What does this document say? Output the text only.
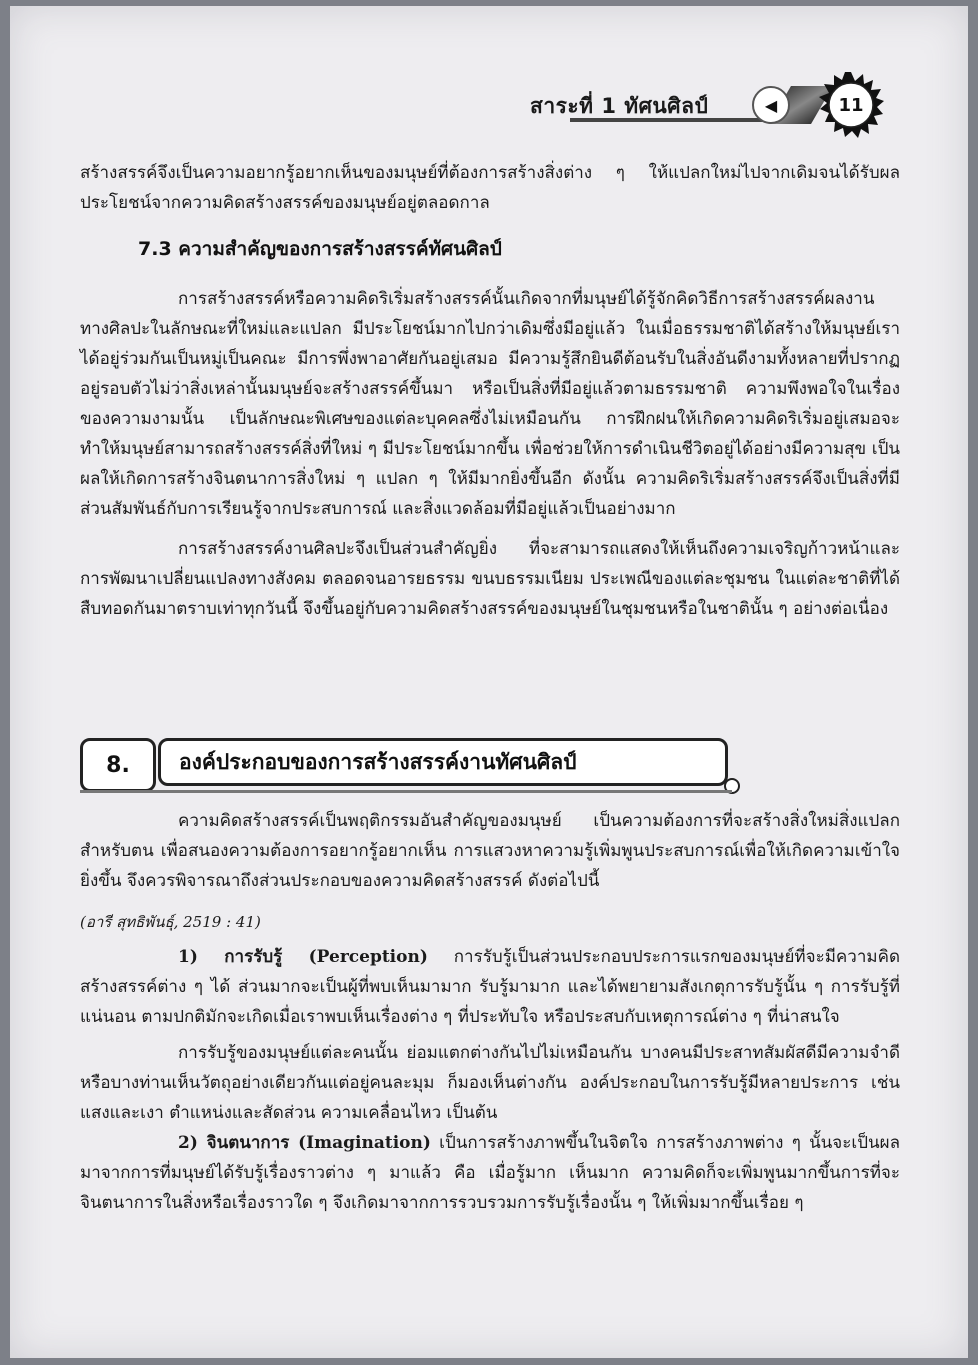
สาระที่ 1 ทัศนศิลป์	◀	11

สร้างสรรค์จึงเป็นความอยากรู้อยากเห็นของมนุษย์ที่ต้องการสร้างสิ่งต่าง ๆ ให้แปลกใหม่ไปจากเดิมจนได้รับผลประโยชน์จากความคิดสร้างสรรค์ของมนุษย์อยู่ตลอดกาล

7.3 ความสำคัญของการสร้างสรรค์ทัศนศิลป์

การสร้างสรรค์หรือความคิดริเริ่มสร้างสรรค์นั้นเกิดจากที่มนุษย์ได้รู้จักคิดวิธีการสร้างสรรค์ผลงานทางศิลปะในลักษณะที่ใหม่และแปลก มีประโยชน์มากไปกว่าเดิมซึ่งมีอยู่แล้ว ในเมื่อธรรมชาติได้สร้างให้มนุษย์เราได้อยู่ร่วมกันเป็นหมู่เป็นคณะ มีการพึ่งพาอาศัยกันอยู่เสมอ มีความรู้สึกยินดีต้อนรับในสิ่งอันดีงามทั้งหลายที่ปรากฏอยู่รอบตัวไม่ว่าสิ่งเหล่านั้นมนุษย์จะสร้างสรรค์ขึ้นมา หรือเป็นสิ่งที่มีอยู่แล้วตามธรรมชาติ ความพึงพอใจในเรื่องของความงามนั้น เป็นลักษณะพิเศษของแต่ละบุคคลซึ่งไม่เหมือนกัน การฝึกฝนให้เกิดความคิดริเริ่มอยู่เสมอจะทำให้มนุษย์สามารถสร้างสรรค์สิ่งที่ใหม่ ๆ มีประโยชน์มากขึ้น เพื่อช่วยให้การดำเนินชีวิตอยู่ได้อย่างมีความสุข เป็นผลให้เกิดการสร้างจินตนาการสิ่งใหม่ ๆ แปลก ๆ ให้มีมากยิ่งขึ้นอีก ดังนั้น ความคิดริเริ่มสร้างสรรค์จึงเป็นสิ่งที่มีส่วนสัมพันธ์กับการเรียนรู้จากประสบการณ์ และสิ่งแวดล้อมที่มีอยู่แล้วเป็นอย่างมาก

การสร้างสรรค์งานศิลปะจึงเป็นส่วนสำคัญยิ่ง ที่จะสามารถแสดงให้เห็นถึงความเจริญก้าวหน้าและการพัฒนาเปลี่ยนแปลงทางสังคม ตลอดจนอารยธรรม ขนบธรรมเนียม ประเพณีของแต่ละชุมชน ในแต่ละชาติที่ได้สืบทอดกันมาตราบเท่าทุกวันนี้ จึงขึ้นอยู่กับความคิดสร้างสรรค์ของมนุษย์ในชุมชนหรือในชาตินั้น ๆ อย่างต่อเนื่อง

8.	องค์ประกอบของการสร้างสรรค์งานทัศนศิลป์

ความคิดสร้างสรรค์เป็นพฤติกรรมอันสำคัญของมนุษย์ เป็นความต้องการที่จะสร้างสิ่งใหม่สิ่งแปลกสำหรับตน เพื่อสนองความต้องการอยากรู้อยากเห็น การแสวงหาความรู้เพิ่มพูนประสบการณ์เพื่อให้เกิดความเข้าใจยิ่งขึ้น จึงควรพิจารณาถึงส่วนประกอบของความคิดสร้างสรรค์ ดังต่อไปนี้

(อารี สุทธิพันธุ์, 2519 : 41)

1) การรับรู้ (Perception) การรับรู้เป็นส่วนประกอบประการแรกของมนุษย์ที่จะมีความคิดสร้างสรรค์ต่าง ๆ ได้ ส่วนมากจะเป็นผู้ที่พบเห็นมามาก รับรู้มามาก และได้พยายามสังเกตุการรับรู้นั้น ๆ การรับรู้ที่แน่นอน ตามปกติมักจะเกิดเมื่อเราพบเห็นเรื่องต่าง ๆ ที่ประทับใจ หรือประสบกับเหตุการณ์ต่าง ๆ ที่น่าสนใจ

การรับรู้ของมนุษย์แต่ละคนนั้น ย่อมแตกต่างกันไปไม่เหมือนกัน บางคนมีประสาทสัมผัสดีมีความจำดี หรือบางท่านเห็นวัตถุอย่างเดียวกันแต่อยู่คนละมุม ก็มองเห็นต่างกัน องค์ประกอบในการรับรู้มีหลายประการ เช่น แสงและเงา ตำแหน่งและสัดส่วน ความเคลื่อนไหว เป็นต้น

2) จินตนาการ (Imagination) เป็นการสร้างภาพขึ้นในจิตใจ การสร้างภาพต่าง ๆ นั้นจะเป็นผลมาจากการที่มนุษย์ได้รับรู้เรื่องราวต่าง ๆ มาแล้ว คือ เมื่อรู้มาก เห็นมาก ความคิดก็จะเพิ่มพูนมากขึ้นการที่จะจินตนาการในสิ่งหรือเรื่องราวใด ๆ จึงเกิดมาจากการรวบรวมการรับรู้เรื่องนั้น ๆ ให้เพิ่มมากขึ้นเรื่อย ๆ
